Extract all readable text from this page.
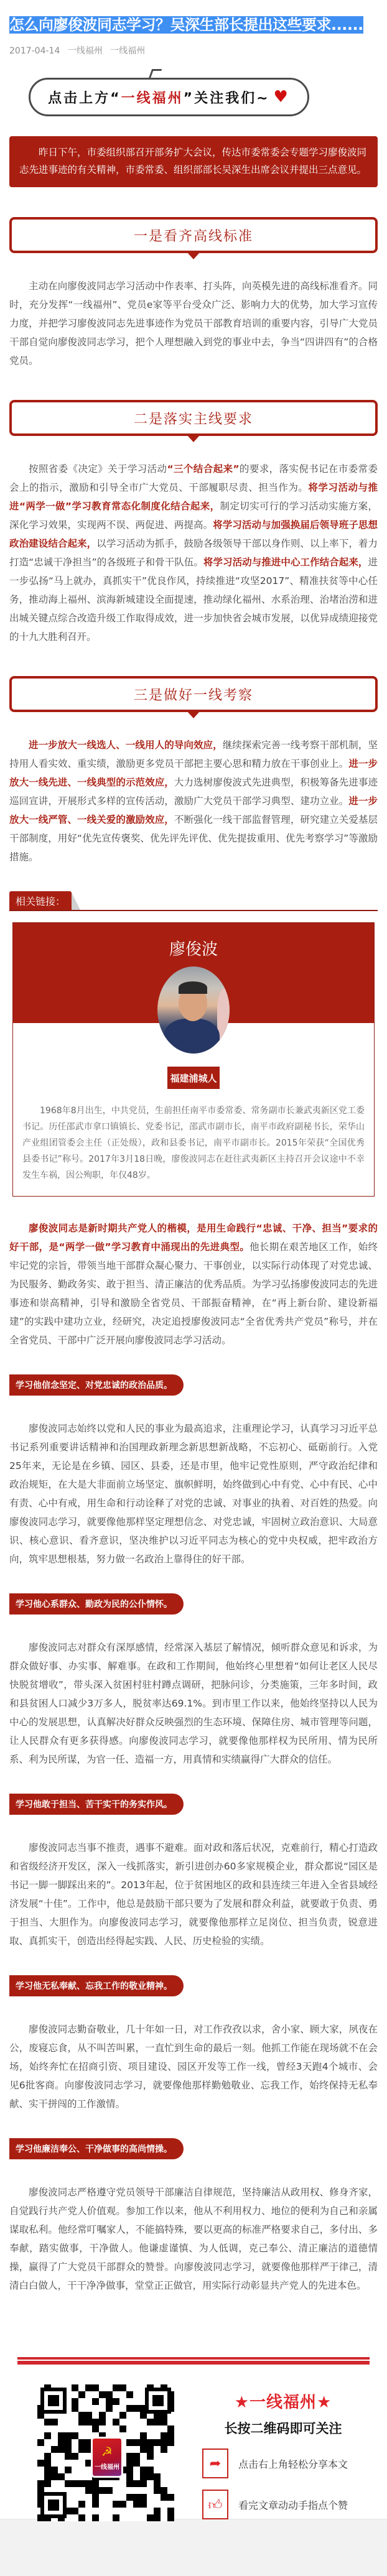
怎么向廖俊波同志学习？吴深生部长提出这些要求......
2017-04-14 一线福州 一线福州
点击上方“ 一线福州 ”关注我们~ ♥
昨日下午，市委组织部召开部务扩大会议，传达市委常委会专题学习廖俊波同志先进事迹的有关精神，市委常委、组织部部长吴深生出席会议并提出三点意见。
一是看齐高线标准
主动在向廖俊波同志学习活动中作表率、打头阵，向英模先进的高线标准看齐。同时，充分发挥“一线福州”、党员e家等平台受众广泛、影响力大的优势，加大学习宣传力度，并把学习廖俊波同志先进事迹作为党员干部教育培训的重要内容，引导广大党员干部自觉向廖俊波同志学习，把个人理想融入到党的事业中去，争当“四讲四有”的合格党员。
二是落实主线要求
按照省委《决定》关于学习活动“三个结合起来”的要求，落实倪书记在市委常委会上的指示，激励和引导全市广大党员、干部履职尽责、担当作为。将学习活动与推进“两学一做”学习教育常态化制度化结合起来，制定切实可行的学习活动实施方案，深化学习效果，实现两不误、两促进、两提高。将学习活动与加强换届后领导班子思想政治建设结合起来，以学习活动为抓手，鼓励各级领导干部以身作则、以上率下，着力打造“忠诚干净担当”的各级班子和骨干队伍。将学习活动与推进中心工作结合起来，进一步弘扬“马上就办，真抓实干”优良作风，持续推进“攻坚2017”、精准扶贫等中心任务，推动海上福州、滨海新城建设全面提速，推动绿化福州、水系治理、治堵治涝和进出城关键点综合改造升级工作取得成效，进一步加快省会城市发展，以优异成绩迎接党的十九大胜利召开。
三是做好一线考察
进一步放大一线选人、一线用人的导向效应，继续探索完善一线考察干部机制，坚持用人看实效、重实绩，激励更多党员干部把主要心思和精力放在干事创业上。进一步放大一线先进、一线典型的示范效应，大力选树廖俊波式先进典型，积极筹备先进事迹巡回宣讲，开展形式多样的宣传活动，激励广大党员干部学习典型、建功立业。进一步放大一线严管、一线关爱的激励效应，不断强化一线干部监督管理，研究建立关爱基层干部制度，用好“优先宣传褒奖、优先评先评优、优先提拔重用、优先考察学习”等激励措施。
相关链接：
廖俊波
福建浦城人
1968年8月出生，中共党员，生前担任南平市委常委、常务副市长兼武夷新区党工委书记。历任邵武市拿口镇镇长、党委书记，邵武市副市长，南平市政府副秘书长，荣华山产业组团管委会主任（正处级），政和县委书记，南平市副市长。2015年荣获“全国优秀县委书记”称号。2017年3月18日晚，廖俊波同志在赶往武夷新区主持召开会议途中不幸发生车祸，因公殉职，年仅48岁。
廖俊波同志是新时期共产党人的楷模，是用生命践行“忠诚、干净、担当”要求的好干部，是“两学一做”学习教育中涌现出的先进典型。他长期在艰苦地区工作，始终牢记党的宗旨，带领当地干部群众凝心聚力、干事创业，以实际行动体现了对党忠诚、为民服务、勤政务实、敢于担当、清正廉洁的优秀品质。为学习弘扬廖俊波同志的先进事迹和崇高精神，引导和激励全省党员、干部振奋精神，在“再上新台阶、建设新福建”的实践中建功立业，经研究，决定追授廖俊波同志“全省优秀共产党员”称号，并在全省党员、干部中广泛开展向廖俊波同志学习活动。
学习他信念坚定、对党忠诚的政治品质。
廖俊波同志始终以党和人民的事业为最高追求，注重理论学习，认真学习习近平总书记系列重要讲话精神和治国理政新理念新思想新战略，不忘初心、砥砺前行。入党25年来，无论是在乡镇、园区、县委，还是市里，他牢记党性原则，严守政治纪律和政治规矩，在大是大非面前立场坚定、旗帜鲜明，始终做到心中有党、心中有民、心中有责、心中有戒，用生命和行动诠释了对党的忠诚、对事业的执着、对百姓的热爱。向廖俊波同志学习，就要像他那样坚定理想信念、对党忠诚，牢固树立政治意识、大局意识、核心意识、看齐意识，坚决维护以习近平同志为核心的党中央权威，把牢政治方向，筑牢思想根基，努力做一名政治上靠得住的好干部。
学习他心系群众、勤政为民的公仆情怀。
廖俊波同志对群众有深厚感情，经常深入基层了解情况，倾听群众意见和诉求，为群众做好事、办实事、解难事。在政和工作期间，他始终心里想着“如何让老区人民尽快脱贫增收”，带头深入贫困村驻村蹲点调研，把脉问诊，分类施策，三年多时间，政和县贫困人口减少3万多人，脱贫率达69.1%。到市里工作以来，他始终坚持以人民为中心的发展思想，认真解决好群众反映强烈的生态环境、保障住房、城市管理等问题，让人民群众有更多获得感。向廖俊波同志学习，就要像他那样权为民所用、情为民所系、利为民所谋，为官一任、造福一方，用真情和实绩赢得广大群众的信任。
学习他敢于担当、苦干实干的务实作风。
廖俊波同志当事不推责，遇事不避难。面对政和落后状况，克难前行，精心打造政和省级经济开发区，深入一线抓落实，新引进创办60多家规模企业，群众都说“园区是书记一脚一脚踩出来的”。2013年起，位于贫困地区的政和县连续三年进入全省县域经济发展“十佳”。工作中，他总是鼓励干部只要为了发展和群众利益，就要敢于负责、勇于担当、大胆作为。向廖俊波同志学习，就要像他那样立足岗位、担当负责，锐意进取、真抓实干，创造出经得起实践、人民、历史检验的实绩。
学习他无私奉献、忘我工作的敬业精神。
廖俊波同志勤奋敬业，几十年如一日，对工作孜孜以求，舍小家、顾大家，夙夜在公，废寝忘食，从不叫苦叫累，一直忙到生命的最后一刻。他抓工作能在现场就不在会场，始终奔忙在招商引资、项目建设、园区开发等工作一线，曾经3天跑4个城市、会见6批客商。向廖俊波同志学习，就要像他那样勤勉敬业、忘我工作，始终保持无私奉献、实干拼闯的工作激情。
学习他廉洁奉公、干净做事的高尚情操。
廖俊波同志严格遵守党员领导干部廉洁自律规范，坚持廉洁从政用权、修身齐家，自觉践行共产党人价值观。参加工作以来，他从不利用权力、地位的便利为自己和亲属谋取私利。他经常叮嘱家人，不能搞特殊，要以更高的标准严格要求自己，多付出、多奉献，踏实做事，干净做人。他谦虚谨慎、为人低调，克己奉公、清正廉洁的道德情操，赢得了广大党员干部群众的赞誉。向廖俊波同志学习，就要像他那样严于律己，清清白白做人，干干净净做事，堂堂正正做官，用实际行动彰显共产党人的先进本色。
☭
一线福州
★一线福州★
长按二维码即可关注
➦	点击右上角轻松分享本文
👍︎	看完文章动动手指点个赞
